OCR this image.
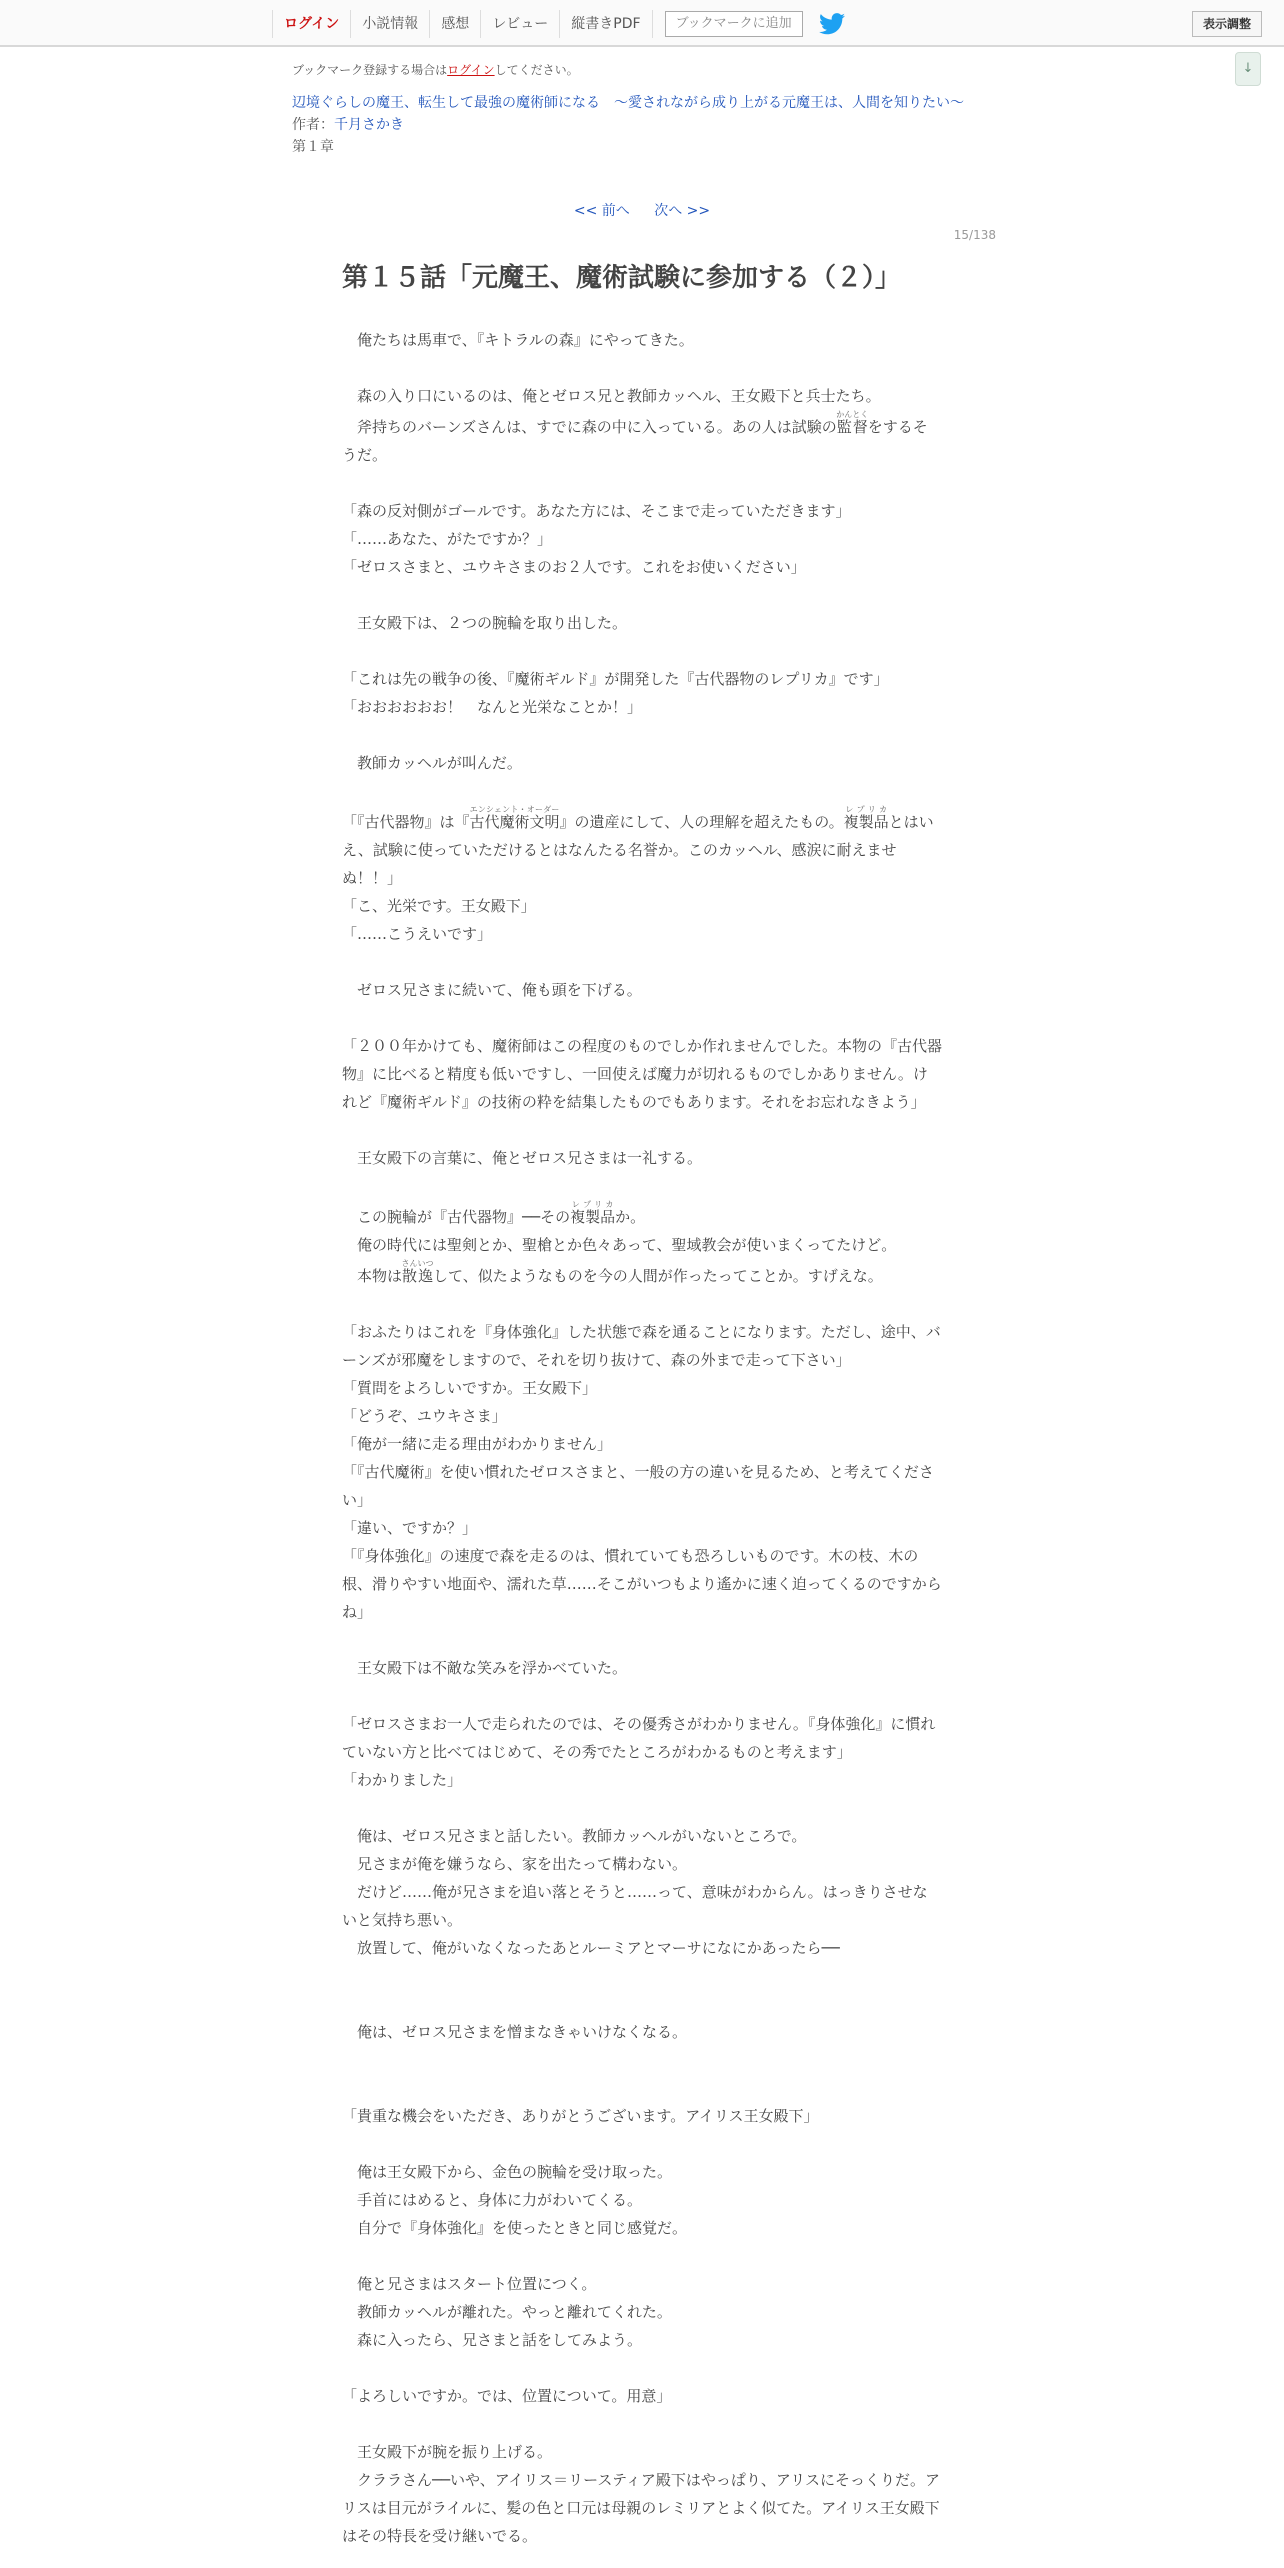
ログイン	小説情報	感想	レビュー	縦書きPDF	ブックマークに追加	表示調整
↓
ブックマーク登録する場合はログインしてください。
辺境ぐらしの魔王、転生して最強の魔術師になる　〜愛されながら成り上がる元魔王は、人間を知りたい〜
作者：千月さかき
第１章
<< 前へ 次へ >>
15/138
第１５話「元魔王、魔術試験に参加する（２）」

　俺たちは馬車で、『キトラルの森』にやってきた。

　森の入り口にいるのは、俺とゼロス兄と教師カッヘル、王女殿下と兵士たち。

　斧持ちのバーンズさんは、すでに森の中に入っている。あの人は試験の監督かんとくをするそうだ。

「森の反対側がゴールです。あなた方には、そこまで走っていただきます」

「……あなた、がたですか？」

「ゼロスさまと、ユウキさまのお２人です。これをお使いください」

　王女殿下は、２つの腕輪を取り出した。

「これは先の戦争の後、『魔術ギルド』が開発した『古代器物のレプリカ』です」

「おおおおおお！　なんと光栄なことか！」

　教師カッヘルが叫んだ。

「『古代器物』は『古代魔術文明エンシェント・オーダー』の遺産にして、人の理解を超えたもの。複製品レプリカとはいえ、試験に使っていただけるとはなんたる名誉か。このカッヘル、感涙に耐えませぬ！！」

「こ、光栄です。王女殿下」

「……こうえいです」

　ゼロス兄さまに続いて、俺も頭を下げる。

「２００年かけても、魔術師はこの程度のものでしか作れませんでした。本物の『古代器物』に比べると精度も低いですし、一回使えば魔力が切れるものでしかありません。けれど『魔術ギルド』の技術の粋を結集したものでもあります。それをお忘れなきよう」

　王女殿下の言葉に、俺とゼロス兄さまは一礼する。

　この腕輪が『古代器物』──その複製品レプリカか。

　俺の時代には聖剣とか、聖槍とか色々あって、聖域教会が使いまくってたけど。

　本物は散逸さんいつして、似たようなものを今の人間が作ったってことか。すげえな。

「おふたりはこれを『身体強化』した状態で森を通ることになります。ただし、途中、バーンズが邪魔をしますので、それを切り抜けて、森の外まで走って下さい」

「質問をよろしいですか。王女殿下」

「どうぞ、ユウキさま」

「俺が一緒に走る理由がわかりません」

「『古代魔術』を使い慣れたゼロスさまと、一般の方の違いを見るため、と考えてください」

「違い、ですか？」

「『身体強化』の速度で森を走るのは、慣れていても恐ろしいものです。木の枝、木の根、滑りやすい地面や、濡れた草……そこがいつもより遙かに速く迫ってくるのですからね」

　王女殿下は不敵な笑みを浮かべていた。

「ゼロスさまお一人で走られたのでは、その優秀さがわかりません。『身体強化』に慣れていない方と比べてはじめて、その秀でたところがわかるものと考えます」

「わかりました」

　俺は、ゼロス兄さまと話したい。教師カッヘルがいないところで。

　兄さまが俺を嫌うなら、家を出たって構わない。

　だけど……俺が兄さまを追い落とそうと……って、意味がわからん。はっきりさせないと気持ち悪い。

　放置して、俺がいなくなったあとルーミアとマーサになにかあったら──

　俺は、ゼロス兄さまを憎まなきゃいけなくなる。

「貴重な機会をいただき、ありがとうございます。アイリス王女殿下」

　俺は王女殿下から、金色の腕輪を受け取った。

　手首にはめると、身体に力がわいてくる。

　自分で『身体強化』を使ったときと同じ感覚だ。

　俺と兄さまはスタート位置につく。

　教師カッヘルが離れた。やっと離れてくれた。

　森に入ったら、兄さまと話をしてみよう。

「よろしいですか。では、位置について。用意」

　王女殿下が腕を振り上げる。

　クララさん──いや、アイリス＝リースティア殿下はやっぱり、アリスにそっくりだ。アリスは目元がライルに、髪の色と口元は母親のレミリアとよく似てた。アイリス王女殿下はその特長を受け継いでる。
